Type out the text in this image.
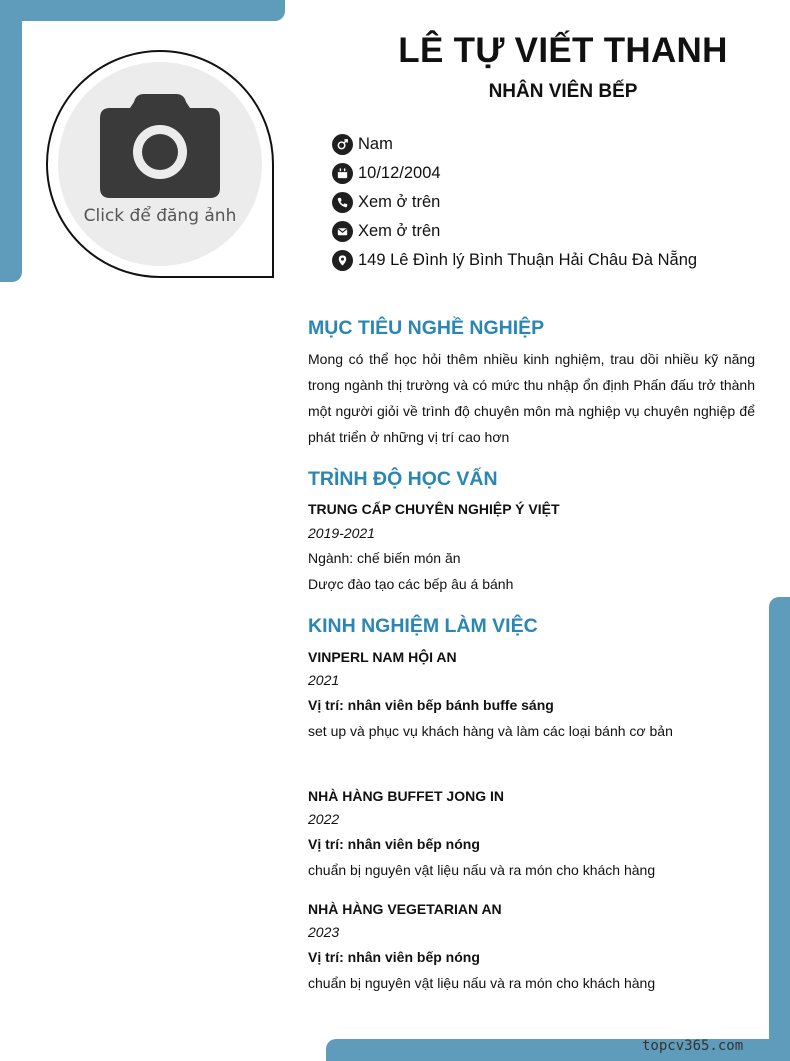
Click để đăng ảnh
LÊ TỰ VIẾT THANH
NHÂN VIÊN BẾP
Nam
10/12/2004
Xem ở trên
Xem ở trên
149 Lê Đình lý Bình Thuận Hải Châu Đà Nẵng
MỤC TIÊU NGHỀ NGHIỆP
Mong có thể học hỏi thêm nhiều kinh nghiệm, trau dồi nhiều kỹ năng trong ngành thị trường và có mức thu nhập ổn định Phấn đấu trở thành một người giỏi về trình độ chuyên môn mà nghiệp vụ chuyên nghiệp để phát triển ở những vị trí cao hơn
TRÌNH ĐỘ HỌC VẤN
TRUNG CẤP CHUYÊN NGHIỆP Ý VIỆT
2019-2021
Ngành: chế biến món ăn
Dược đào tạo các bếp âu á bánh
KINH NGHIỆM LÀM VIỆC
VINPERL NAM HỘI AN
2021
Vị trí: nhân viên bếp bánh buffe sáng
set up và phục vụ khách hàng và làm các loại bánh cơ bản
NHÀ HÀNG BUFFET JONG IN
2022
Vị trí: nhân viên bếp nóng
chuẩn bị nguyên vật liệu nấu và ra món cho khách hàng
NHÀ HÀNG VEGETARIAN AN
2023
Vị trí: nhân viên bếp nóng
chuẩn bị nguyên vật liệu nấu và ra món cho khách hàng
topcv365.com
